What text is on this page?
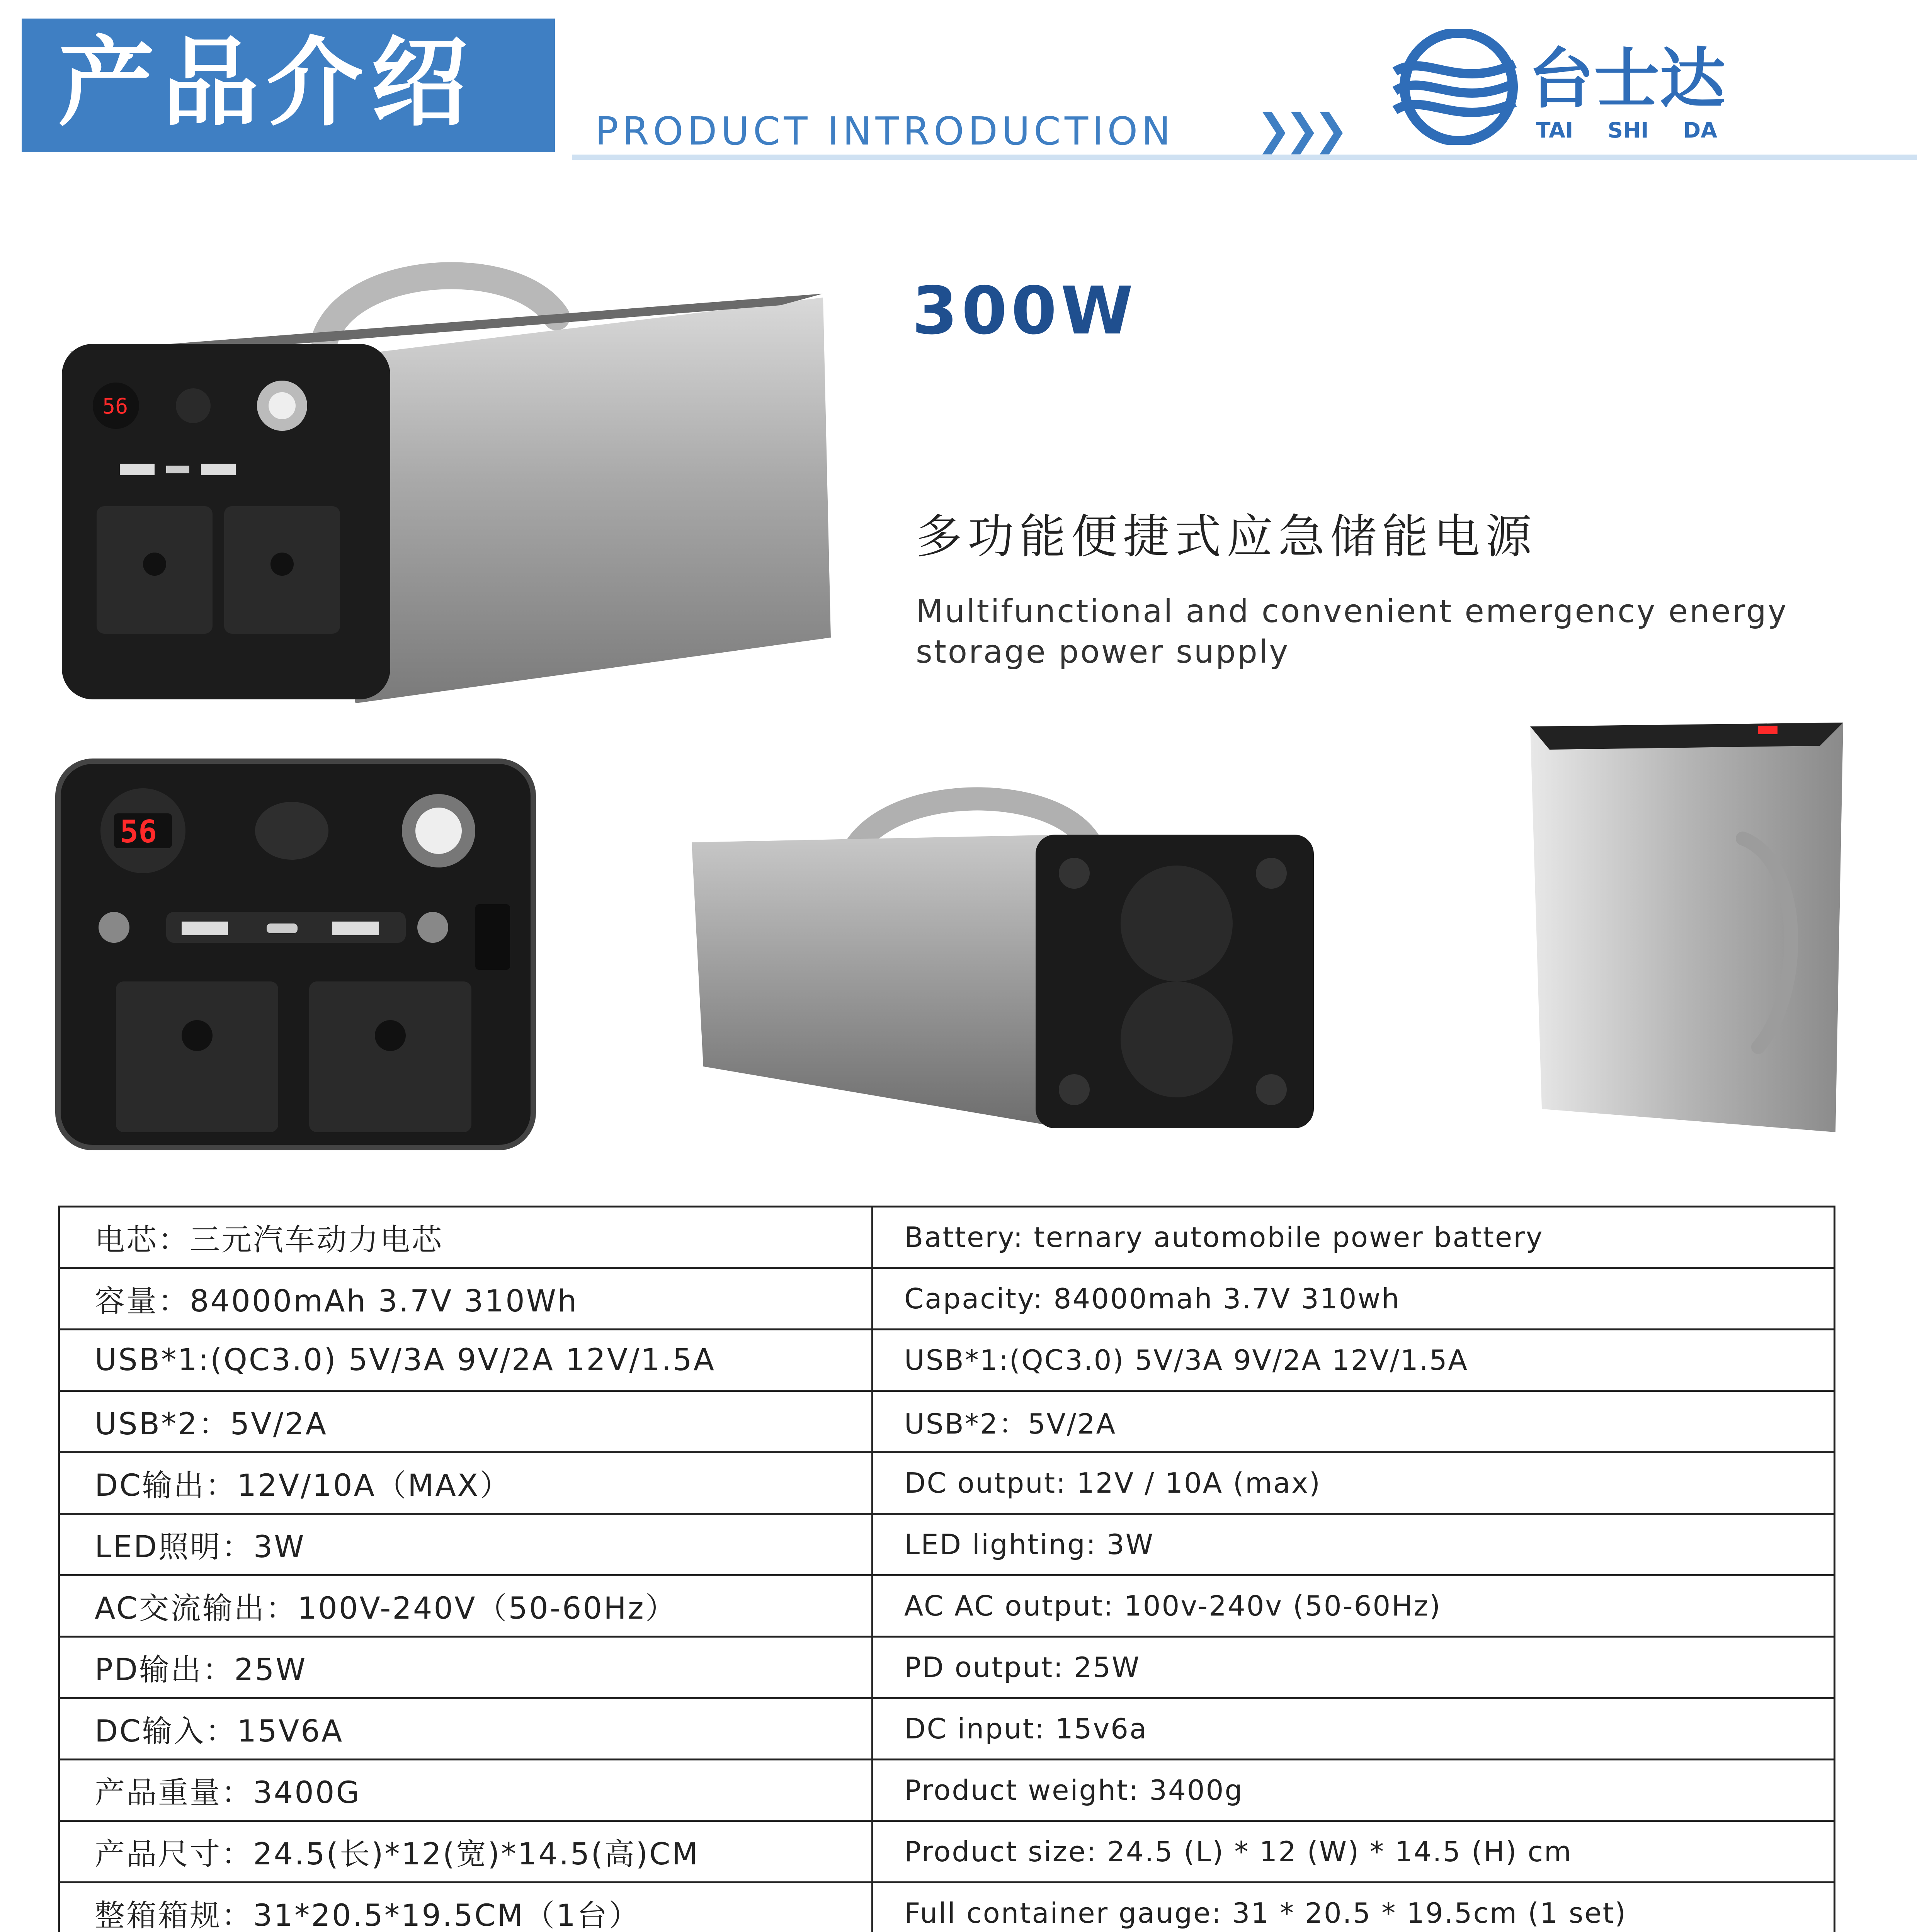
产品介绍	PRODUCT INTRODUCTION ❯❯❯
台士达
TAI SHI DA
300W
多功能便捷式应急储能电源
Multifunctional and convenient emergency energy storage power supply
56
56
电芯：三元汽车动力电芯	Battery: ternary automobile power battery
容量：84000mAh 3.7V 310Wh	Capacity: 84000mah 3.7V 310wh
USB*1:(QC3.0) 5V/3A 9V/2A 12V/1.5A	USB*1:(QC3.0) 5V/3A 9V/2A 12V/1.5A
USB*2：5V/2A	USB*2：5V/2A
DC输出：12V/10A（MAX）	DC output: 12V / 10A (max)
LED照明：3W	LED lighting: 3W
AC交流输出：100V-240V（50-60Hz）	AC AC output: 100v-240v (50-60Hz)
PD输出：25W	PD output: 25W
DC输入：15V6A	DC input: 15v6a
产品重量：3400G	Product weight: 3400g
产品尺寸：24.5(长)*12(宽)*14.5(高)CM	Product size: 24.5 (L) * 12 (W) * 14.5 (H) cm
整箱箱规：31*20.5*19.5CM（1台）	Full container gauge: 31 * 20.5 * 19.5cm (1 set)
